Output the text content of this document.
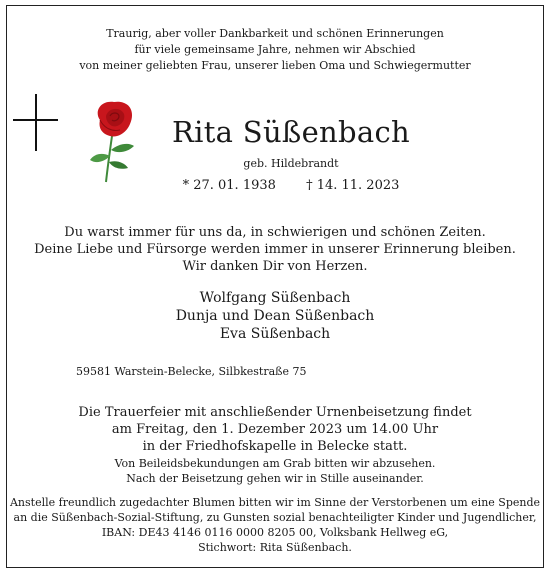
Traurig, aber voller Dankbarkeit und schönen Erinnerungen
für viele gemeinsame Jahre, nehmen wir Abschied
von meiner geliebten Frau, unserer lieben Oma und Schwiegermutter
Rita Süßenbach
geb. Hildebrandt
* 27. 01. 1938 † 14. 11. 2023
Du warst immer für uns da, in schwierigen und schönen Zeiten.
Deine Liebe und Fürsorge werden immer in unserer Erinnerung bleiben.
Wir danken Dir von Herzen.
Wolfgang Süßenbach
Dunja und Dean Süßenbach
Eva Süßenbach
59581 Warstein-Belecke, Silbkestraße 75
Die Trauerfeier mit anschließender Urnenbeisetzung findet
am Freitag, den 1. Dezember 2023 um 14.00 Uhr
in der Friedhofskapelle in Belecke statt.
Von Beileidsbekundungen am Grab bitten wir abzusehen.
Nach der Beisetzung gehen wir in Stille auseinander.
Anstelle freundlich zugedachter Blumen bitten wir im Sinne der Verstorbenen um eine Spende
an die Süßenbach-Sozial-Stiftung, zu Gunsten sozial benachteiligter Kinder und Jugendlicher,
IBAN: DE43 4146 0116 0000 8205 00, Volksbank Hellweg eG,
Stichwort: Rita Süßenbach.
